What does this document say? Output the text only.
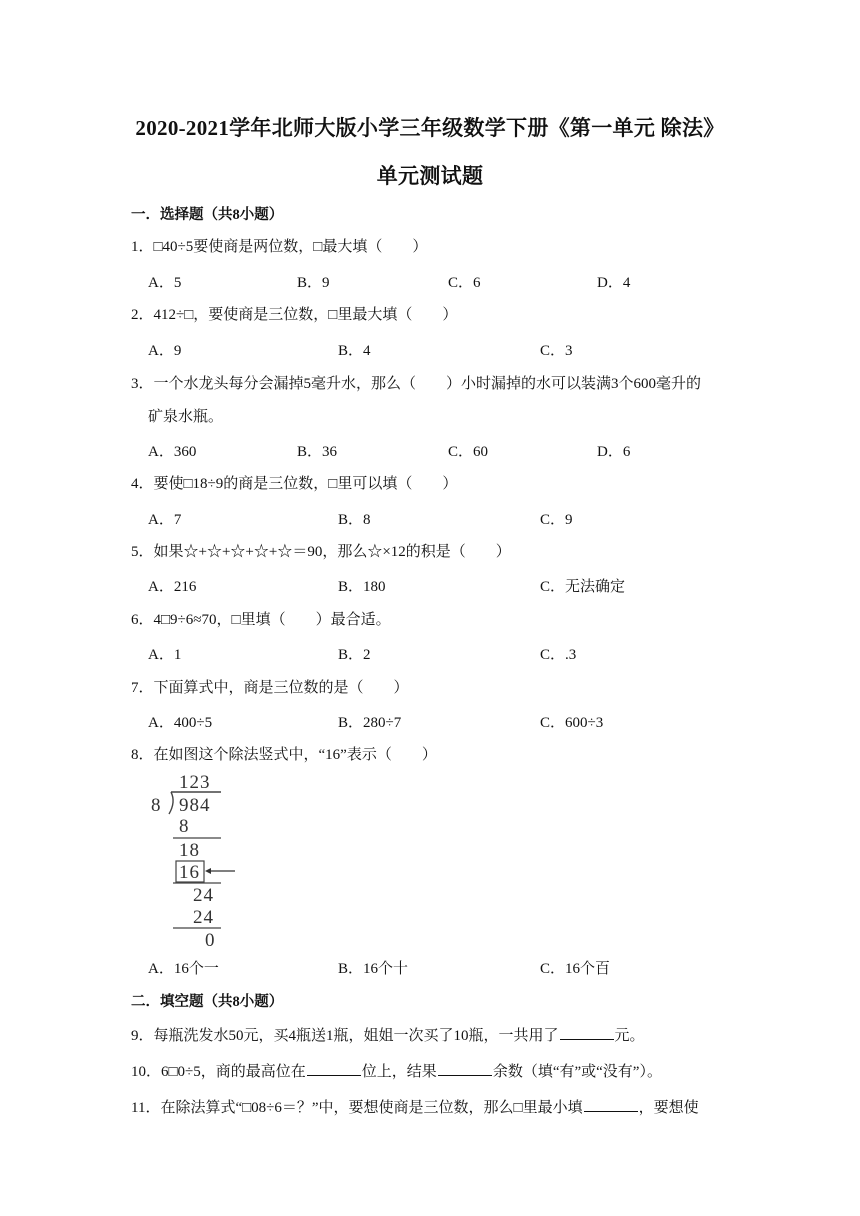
2020-2021学年北师大版小学三年级数学下册《第一单元 除法》
单元测试题
一．选择题（共8小题）
1．□40÷5要使商是两位数，□最大填（　　）
A．5	B．9	C．6	D．4
2．412÷□，要使商是三位数，□里最大填（　　）
A．9	B．4	C．3
3．一个水龙头每分会漏掉5毫升水，那么（　　）小时漏掉的水可以装满3个600毫升的
矿泉水瓶。
A．360	B．36	C．60	D．6
4．要使□18÷9的商是三位数，□里可以填（　　）
A．7	B．8	C．9
5．如果☆+☆+☆+☆+☆＝90，那么☆×12的积是（　　）
A．216	B．180	C．无法确定
6．4□9÷6≈70，□里填（　　）最合适。
A．1	B．2	C．.3
7．下面算式中，商是三位数的是（　　）
A．400÷5	B．280÷7	C．600÷3
8．在如图这个除法竖式中，“16”表示（　　）
123
8 984
8
18
16
24
24
0
A．16个一	B．16个十	C．16个百
二．填空题（共8小题）
9．每瓶洗发水50元，买4瓶送1瓶，姐姐一次买了10瓶，一共用了	元。
10．6□0÷5，商的最高位在	位上，结果	余数（填“有”或“没有”）。
11．在除法算式“□08÷6＝？”中，要想使商是三位数，那么□里最小填	，要想使
